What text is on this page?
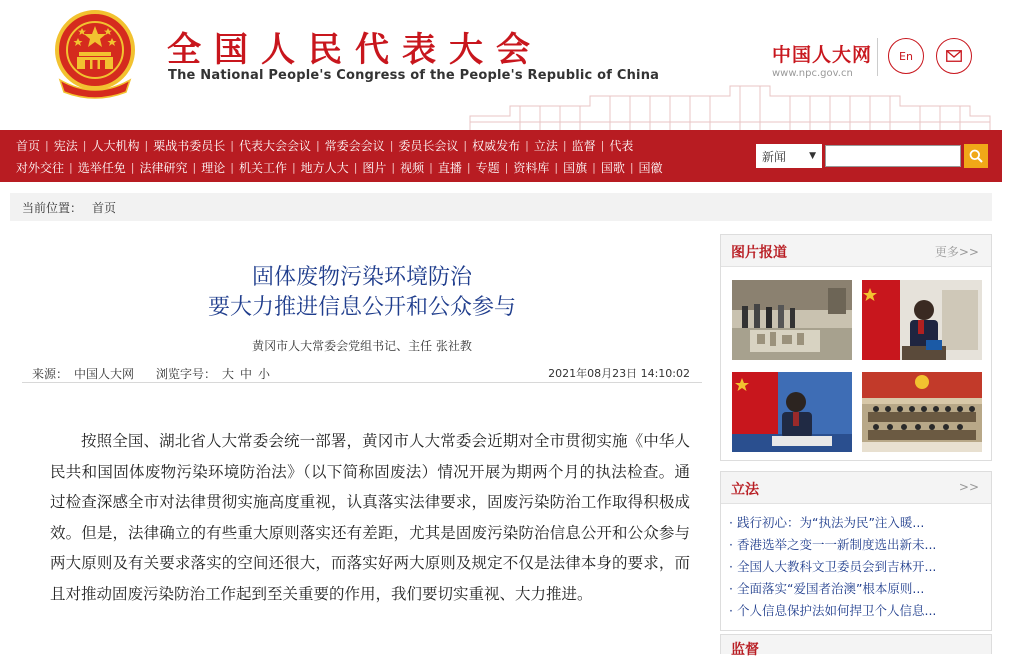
全国人民代表大会
The National People's Congress of the People's Republic of China
中国人大网
www.npc.gov.cn
En
首页 | 宪法 | 人大机构 | 栗战书委员长 | 代表大会会议 | 常委会会议 | 委员长会议 | 权威发布 | 立法 | 监督 | 代表
对外交往 | 选举任免 | 法律研究 | 理论 | 机关工作 | 地方人大 | 图片 | 视频 | 直播 | 专题 | 资料库 | 国旗 | 国歌 | 国徽
新闻	▼
当前位置： 首页
固体废物污染环境防治
要大力推进信息公开和公众参与
黄冈市人大常委会党组书记、主任 张社教
来源： 中国人大网 浏览字号： 大 中 小	2021年08月23日 14:10:02

按照全国、湖北省人大常委会统一部署，黄冈市人大常委会近期对全市贯彻实施《中华人民共和国固体废物污染环境防治法》（以下简称固废法）情况开展为期两个月的执法检查。通过检查深感全市对法律贯彻实施高度重视，认真落实法律要求，固废污染防治工作取得积极成效。但是，法律确立的有些重大原则落实还有差距，尤其是固废污染防治信息公开和公众参与两大原则及有关要求落实的空间还很大，而落实好两大原则及规定不仅是法律本身的要求，而且对推动固废污染防治工作起到至关重要的作用，我们要切实重视、大力推进。

图片报道	更多>>
立法	>>
· 践行初心：为“执法为民”注入暖...
· 香港选举之变一一新制度选出新未...
· 全国人大教科文卫委员会到吉林开...
· 全面落实“爱国者治澳”根本原则...
· 个人信息保护法如何捍卫个人信息...
监督
